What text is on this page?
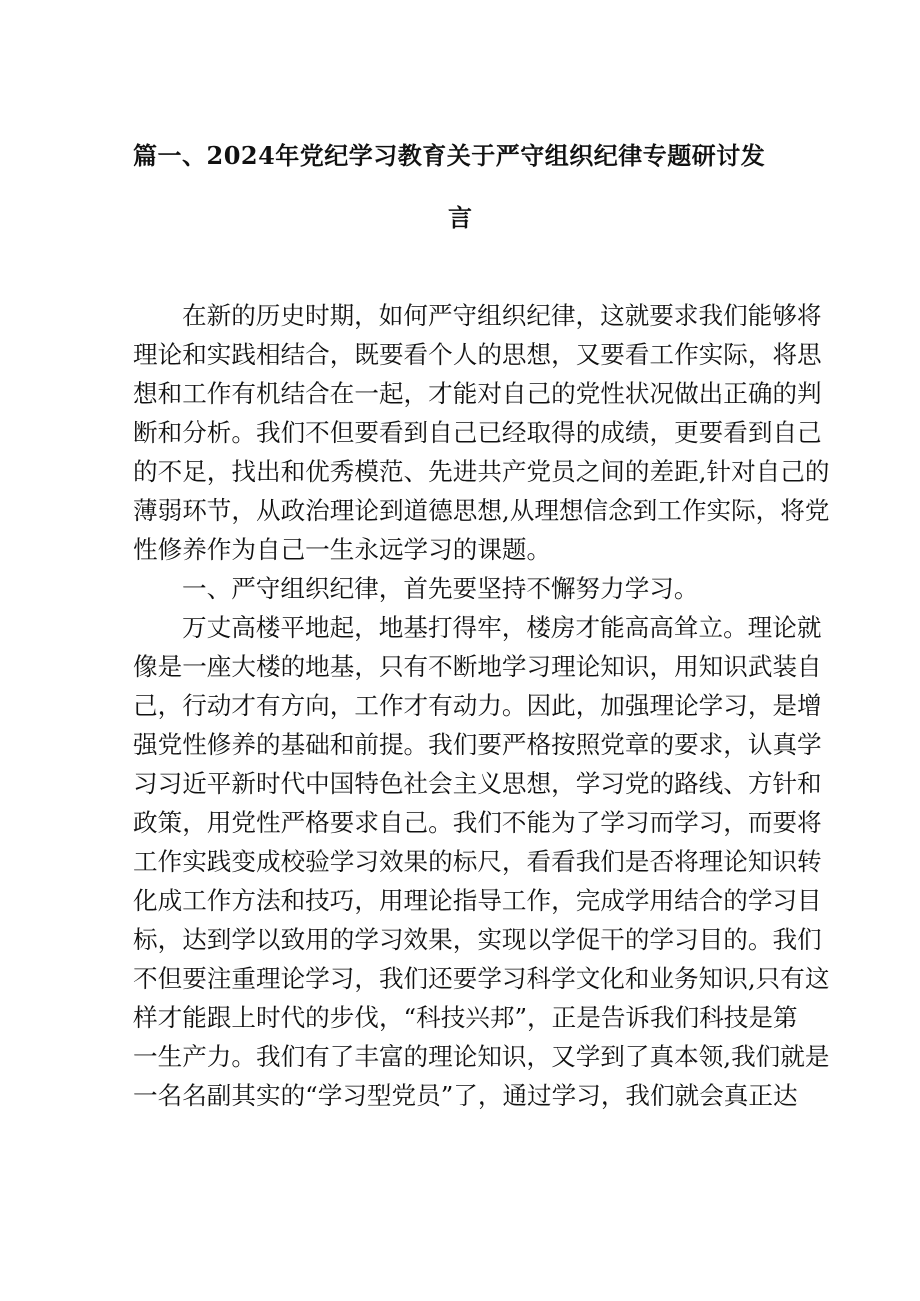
篇一、2024年党纪学习教育关于严守组织纪律专题研讨发
言
在新的历史时期，如何严守组织纪律，这就要求我们能够将
理论和实践相结合，既要看个人的思想，又要看工作实际，将思
想和工作有机结合在一起，才能对自己的党性状况做出正确的判
断和分析。我们不但要看到自己已经取得的成绩，更要看到自己
的不足，找出和优秀模范、先进共产党员之间的差距,针对自己的
薄弱环节，从政治理论到道德思想,从理想信念到工作实际，将党
性修养作为自己一生永远学习的课题。
一、严守组织纪律，首先要坚持不懈努力学习。
万丈高楼平地起，地基打得牢，楼房才能高高耸立。理论就
像是一座大楼的地基，只有不断地学习理论知识，用知识武装自
己，行动才有方向，工作才有动力。因此，加强理论学习，是增
强党性修养的基础和前提。我们要严格按照党章的要求，认真学
习习近平新时代中国特色社会主义思想，学习党的路线、方针和
政策，用党性严格要求自己。我们不能为了学习而学习，而要将
工作实践变成校验学习效果的标尺，看看我们是否将理论知识转
化成工作方法和技巧，用理论指导工作，完成学用结合的学习目
标，达到学以致用的学习效果，实现以学促干的学习目的。我们
不但要注重理论学习，我们还要学习科学文化和业务知识,只有这
样才能跟上时代的步伐，“科技兴邦”，正是告诉我们科技是第
一生产力。我们有了丰富的理论知识，又学到了真本领,我们就是
一名名副其实的“学习型党员”了，通过学习，我们就会真正达
